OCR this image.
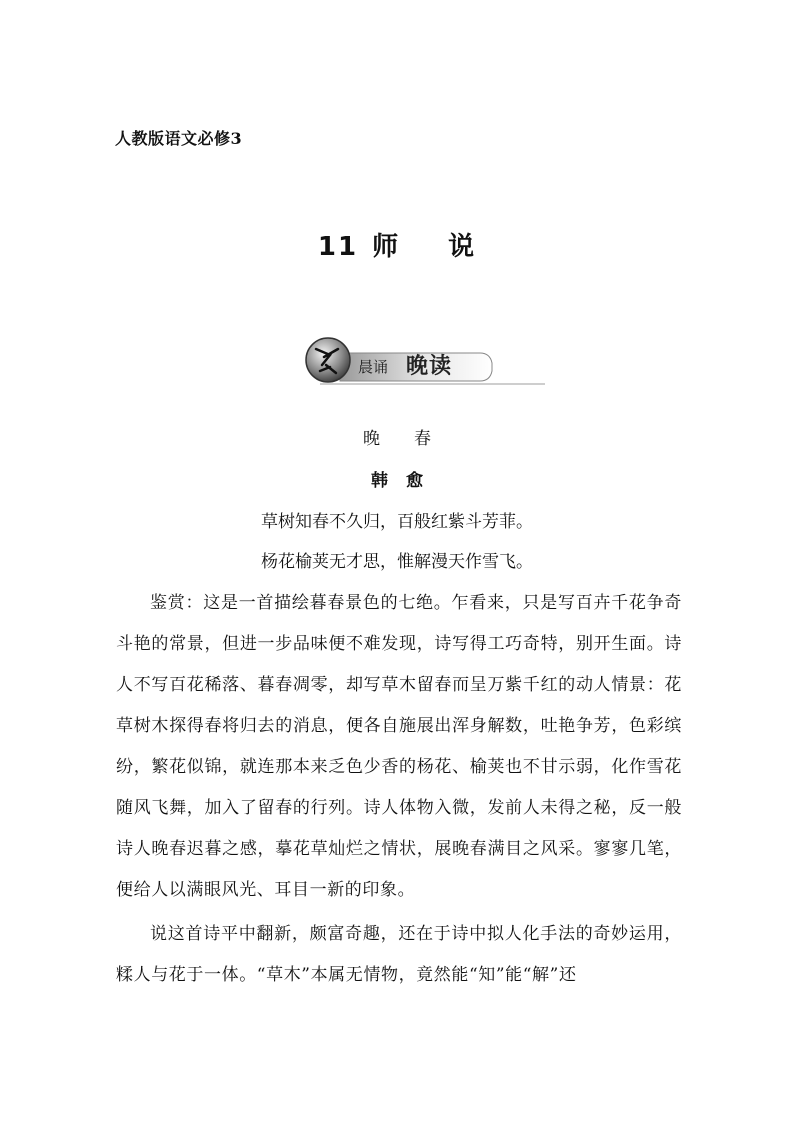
人教版语文必修3
11 师 说
晨诵 晚读
晚 春
韩 愈
草树知春不久归，百般红紫斗芳菲。
杨花榆荚无才思，惟解漫天作雪飞。

鉴赏：这是一首描绘暮春景色的七绝。乍看来，只是写百卉千花争奇斗艳的常景，但进一步品味便不难发现，诗写得工巧奇特，别开生面。诗人不写百花稀落、暮春凋零，却写草木留春而呈万紫千红的动人情景：花草树木探得春将归去的消息，便各自施展出浑身解数，吐艳争芳，色彩缤纷，繁花似锦，就连那本来乏色少香的杨花、榆荚也不甘示弱，化作雪花随风飞舞，加入了留春的行列。诗人体物入微，发前人未得之秘，反一般诗人晚春迟暮之感，摹花草灿烂之情状，展晚春满目之风采。寥寥几笔，便给人以满眼风光、耳目一新的印象。

说这首诗平中翻新，颇富奇趣，还在于诗中拟人化手法的奇妙运用，糅人与花于一体。“草木”本属无情物，竟然能“知”能“解”还
